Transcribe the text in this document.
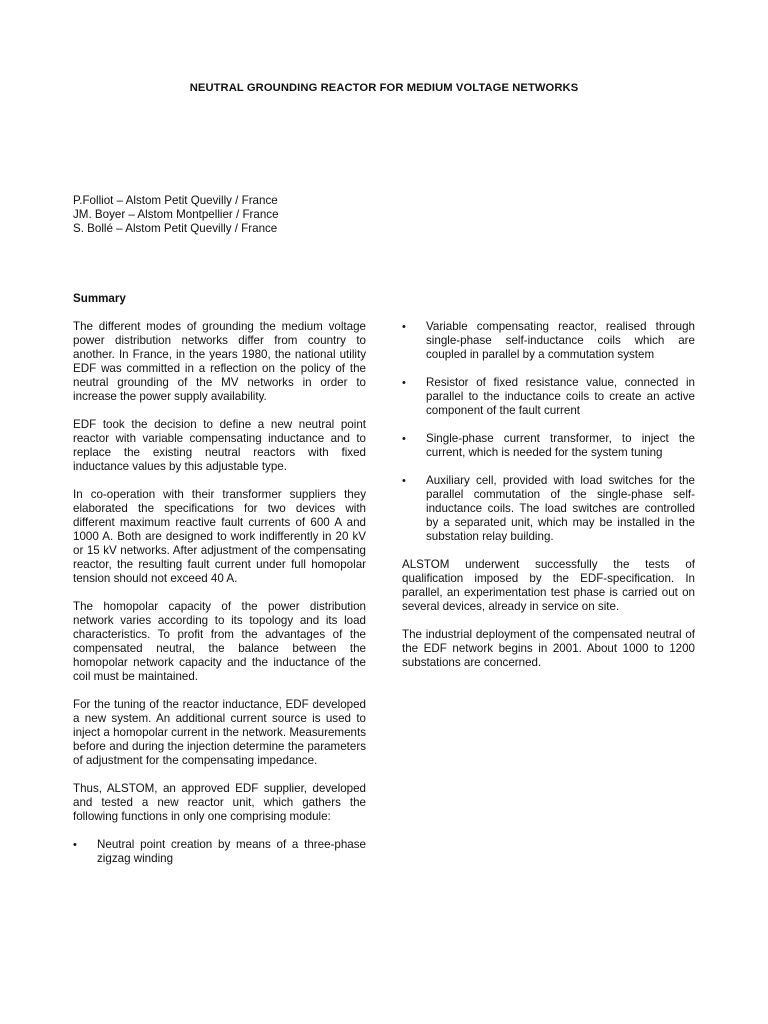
NEUTRAL GROUNDING REACTOR FOR MEDIUM VOLTAGE NETWORKS
P.Folliot – Alstom Petit Quevilly / France
JM. Boyer – Alstom Montpellier / France
S. Bollé – Alstom Petit Quevilly / France
Summary

The different modes of grounding the medium voltage power distribution networks differ from country to another. In France, in the years 1980, the national utility EDF was committed in a reflection on the policy of the neutral grounding of the MV networks in order to increase the power supply availability.

EDF took the decision to define a new neutral point reactor with variable compensating inductance and to replace the existing neutral reactors with fixed inductance values by this adjustable type.

In co-operation with their transformer suppliers they elaborated the specifications for two devices with different maximum reactive fault currents of 600 A and 1000 A. Both are designed to work indifferently in 20 kV or 15 kV networks. After adjustment of the compensating reactor, the resulting fault current under full homopolar tension should not exceed 40 A.

The homopolar capacity of the power distribution network varies according to its topology and its load characteristics. To profit from the advantages of the compensated neutral, the balance between the homopolar network capacity and the inductance of the coil must be maintained.

For the tuning of the reactor inductance, EDF developed a new system. An additional current source is used to inject a homopolar current in the network. Measurements before and during the injection determine the parameters of adjustment for the compensating impedance.

Thus, ALSTOM, an approved EDF supplier, developed and tested a new reactor unit, which gathers the following functions in only one comprising module:

•	Neutral point creation by means of a three-phase zigzag winding
•	Variable compensating reactor, realised through single-phase self-inductance coils which are coupled in parallel by a commutation system
•	Resistor of fixed resistance value, connected in parallel to the inductance coils to create an active component of the fault current
•	Single-phase current transformer, to inject the current, which is needed for the system tuning
•	Auxiliary cell, provided with load switches for the parallel commutation of the single-phase self-inductance coils. The load switches are controlled by a separated unit, which may be installed in the substation relay building.

ALSTOM underwent successfully the tests of qualification imposed by the EDF-specification. In parallel, an experimentation test phase is carried out on several devices, already in service on site.

The industrial deployment of the compensated neutral of the EDF network begins in 2001. About 1000 to 1200 substations are concerned.
